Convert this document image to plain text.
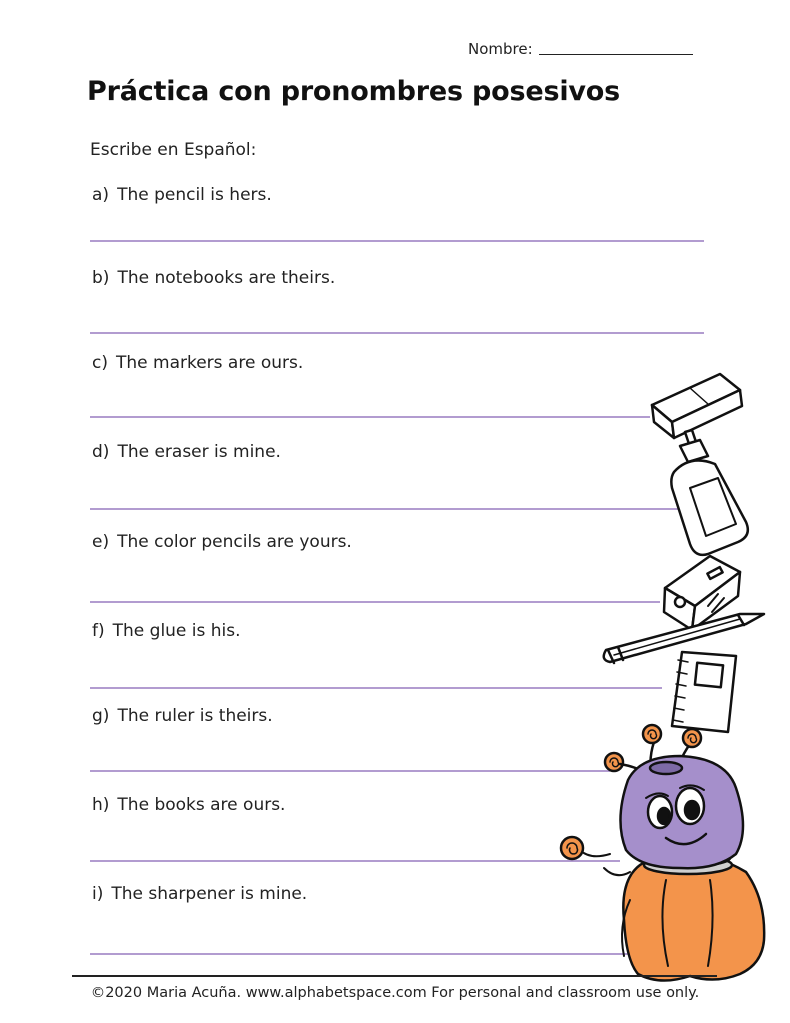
Nombre:
Práctica con pronombres posesivos
Escribe en Español:
a) The pencil is hers.
b) The notebooks are theirs.
c) The markers are ours.
d) The eraser is mine.
e) The color pencils are yours.
f) The glue is his.
g) The ruler is theirs.
h) The books are ours.
i) The sharpener is mine.
©2020 Maria Acuña. www.alphabetspace.com For personal and classroom use only.
